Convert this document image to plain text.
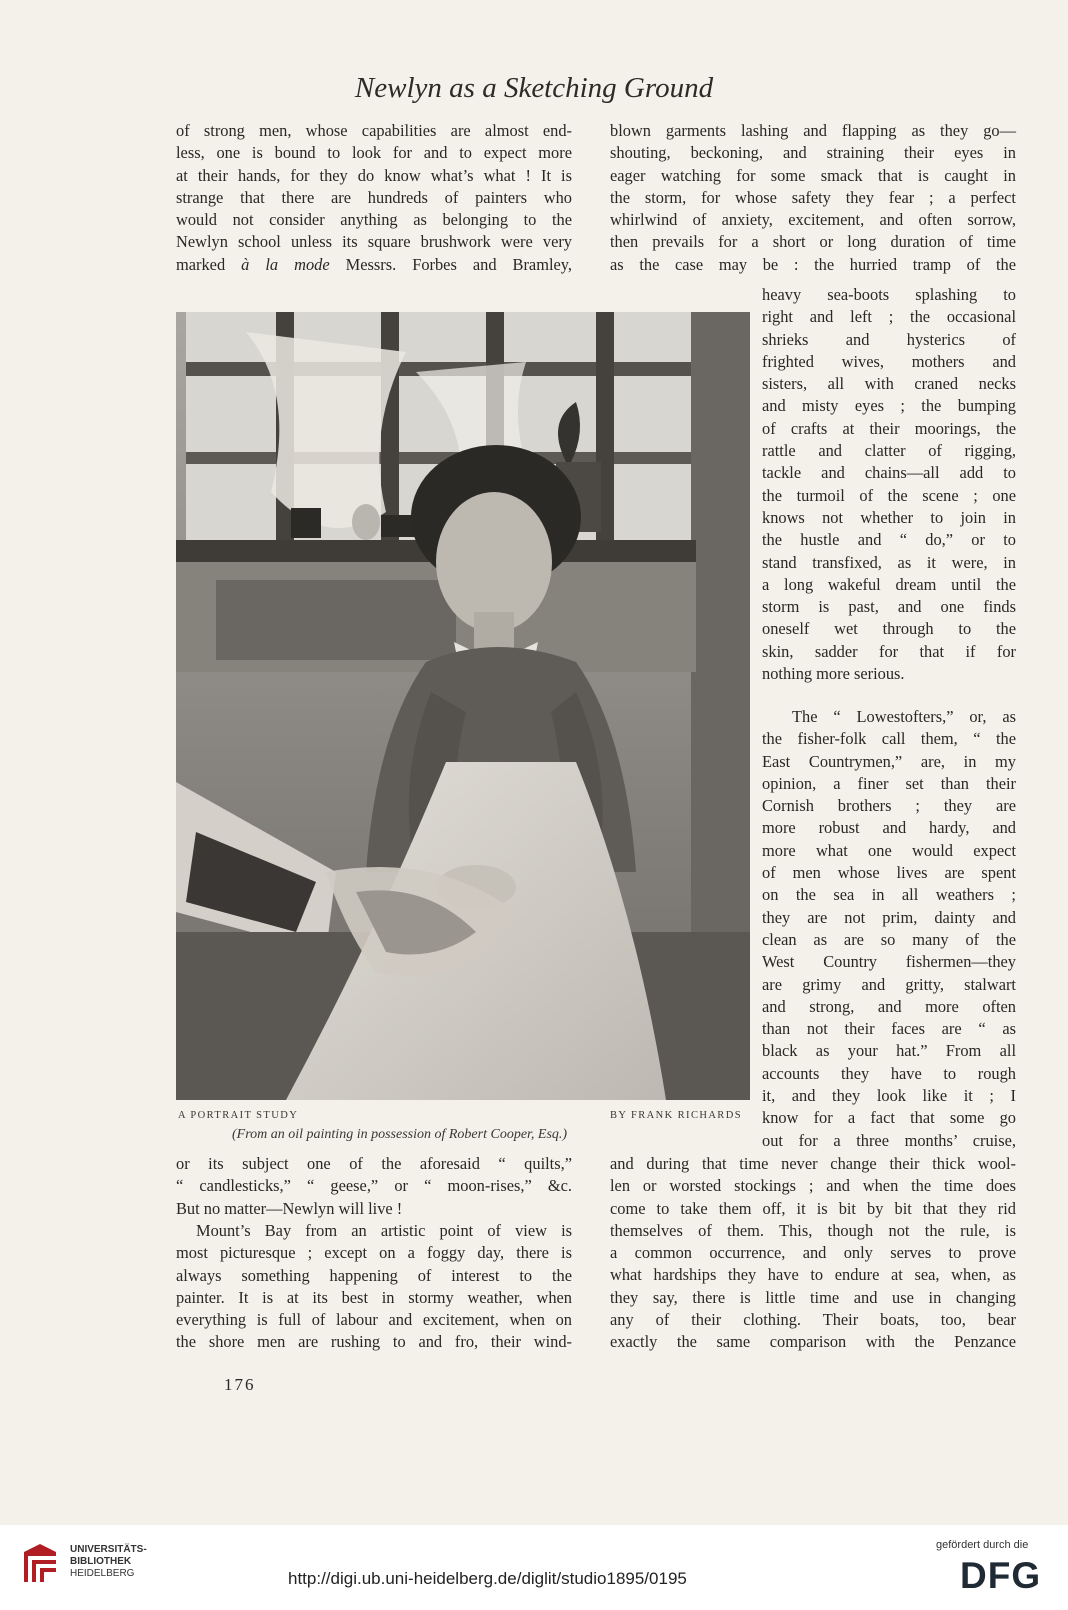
Newlyn as a Sketching Ground
of strong men, whose capabilities are almost end-
less, one is bound to look for and to expect more
at their hands, for they do know what’s what ! It is
strange that there are hundreds of painters who
would not consider anything as belonging to the
Newlyn school unless its square brushwork were very
marked à la mode Messrs. Forbes and Bramley,
blown garments lashing and flapping as they go—
shouting, beckoning, and straining their eyes in
eager watching for some smack that is caught in
the storm, for whose safety they fear ; a perfect
whirlwind of anxiety, excitement, and often sorrow,
then prevails for a short or long duration of time
as the case may be : the hurried tramp of the
heavy sea-boots splashing to
right and left ; the occasional
shrieks and hysterics of
frighted wives, mothers and
sisters, all with craned necks
and misty eyes ; the bumping
of crafts at their moorings, the
rattle and clatter of rigging,
tackle and chains—all add to
the turmoil of the scene ; one
knows not whether to join in
the hustle and “ do,” or to
stand transfixed, as it were, in
a long wakeful dream until the
storm is past, and one finds
oneself wet through to the
skin, sadder for that if for
nothing more serious.
The “ Lowestofters,” or, as
the fisher-folk call them, “ the
East Countrymen,” are, in my
opinion, a finer set than their
Cornish brothers ; they are
more robust and hardy, and
more what one would expect
of men whose lives are spent
on the sea in all weathers ;
they are not prim, dainty and
clean as are so many of the
West Country fishermen—they
are grimy and gritty, stalwart
and strong, and more often
than not their faces are “ as
black as your hat.” From all
accounts they have to rough
it, and they look like it ; I
know for a fact that some go
out for a three months’ cruise,
A PORTRAIT STUDY	BY FRANK RICHARDS
(From an oil painting in possession of Robert Cooper, Esq.)
or its subject one of the aforesaid “ quilts,”
“ candlesticks,” “ geese,” or “ moon-rises,” &c.
But no matter—Newlyn will live !
Mount’s Bay from an artistic point of view is
most picturesque ; except on a foggy day, there is
always something happening of interest to the
painter. It is at its best in stormy weather, when
everything is full of labour and excitement, when on
the shore men are rushing to and fro, their wind-
and during that time never change their thick wool-
len or worsted stockings ; and when the time does
come to take them off, it is bit by bit that they rid
themselves of them. This, though not the rule, is
a common occurrence, and only serves to prove
what hardships they have to endure at sea, when, as
they say, there is little time and use in changing
any of their clothing. Their boats, too, bear
exactly the same comparison with the Penzance
176
UNIVERSITÄTS-
BIBLIOTHEK
HEIDELBERG	http://digi.ub.uni-heidelberg.de/diglit/studio1895/0195
gefördert durch die
DFG
